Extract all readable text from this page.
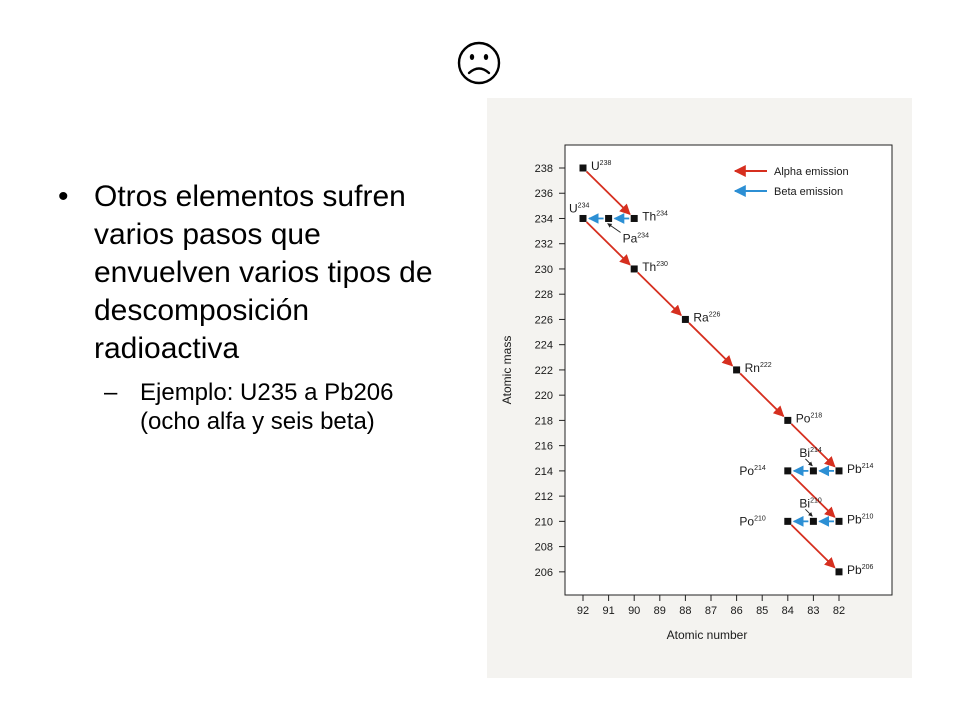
• Otros elementos sufren varios pasos que envuelven varios tipos de descomposición radioactiva
– Ejemplo: U235 a Pb206 (ocho alfa y seis beta)
206
208
210
212
214
216
218
220
222
224
226
228
230
232
234
236
238
92 91 90 89 88 87 86 85 84 83 82
Alpha emission
Beta emission
$U^{238}$
Th$^{234}$
Pa$^{234}$
$U^{234}$
Th$^{230}$
Ra$^{226}$
Rn$^{222}$
Po$^{218}$
Pb$^{214}$
Bi$^{214}$
Po$^{214}$
Pb$^{210}$
Bi$^{210}$
Po$^{210}$
Pb$^{206}$
Atomic number
Atomic mass
